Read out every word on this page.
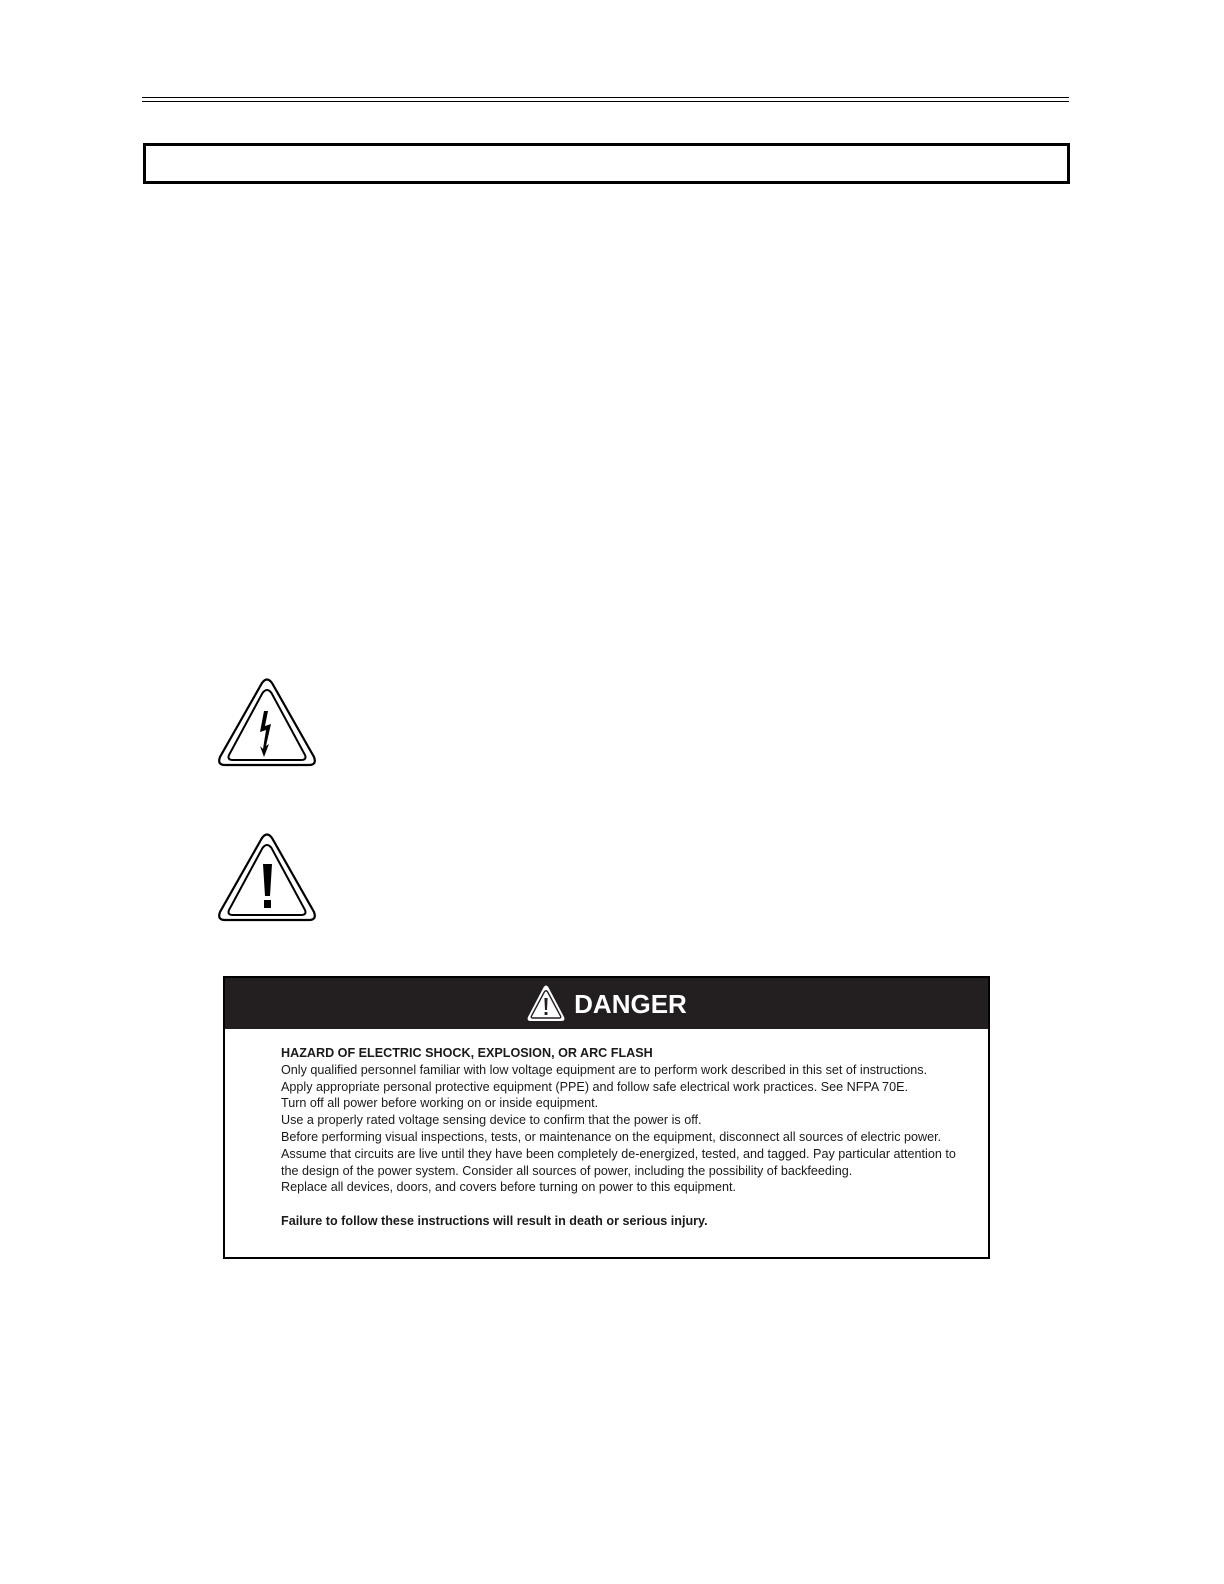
DANGER
HAZARD OF ELECTRIC SHOCK, EXPLOSION, OR ARC FLASH
Only qualified personnel familiar with low voltage equipment are to perform work described in this set of instructions.
Apply appropriate personal protective equipment (PPE) and follow safe electrical work practices. See NFPA 70E.
Turn off all power before working on or inside equipment.
Use a properly rated voltage sensing device to confirm that the power is off.
Before performing visual inspections, tests, or maintenance on the equipment, disconnect all sources of electric power.
Assume that circuits are live until they have been completely de-energized, tested, and tagged. Pay particular attention to
the design of the power system. Consider all sources of power, including the possibility of backfeeding.
Replace all devices, doors, and covers before turning on power to this equipment.
Failure to follow these instructions will result in death or serious injury.
